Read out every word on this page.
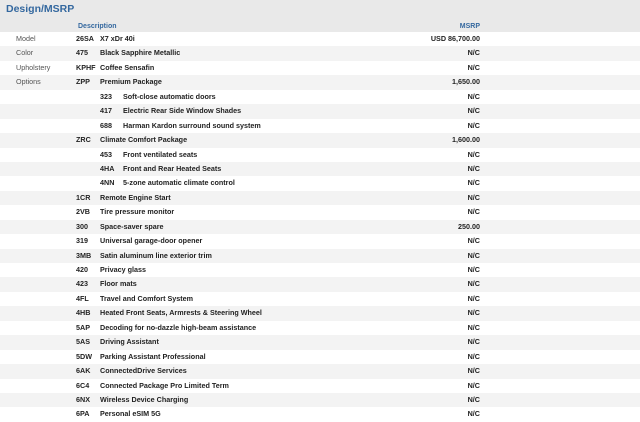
Design/MSRP
Description	MSRP
Model	26SA X7 xDr 40i	USD 86,700.00
Color	475 Black Sapphire Metallic	N/C
Upholstery	KPHF Coffee Sensafin	N/C
Options	ZPP Premium Package	1,650.00
323 Soft-close automatic doors	N/C
417 Electric Rear Side Window Shades	N/C
688 Harman Kardon surround sound system	N/C
ZRC Climate Comfort Package	1,600.00
453 Front ventilated seats	N/C
4HA Front and Rear Heated Seats	N/C
4NN 5-zone automatic climate control	N/C
1CR Remote Engine Start	N/C
2VB Tire pressure monitor	N/C
300 Space-saver spare	250.00
319 Universal garage-door opener	N/C
3MB Satin aluminum line exterior trim	N/C
420 Privacy glass	N/C
423 Floor mats	N/C
4FL Travel and Comfort System	N/C
4HB Heated Front Seats, Armrests & Steering Wheel	N/C
5AP Decoding for no-dazzle high-beam assistance	N/C
5AS Driving Assistant	N/C
5DW Parking Assistant Professional	N/C
6AK ConnectedDrive Services	N/C
6C4 Connected Package Pro Limited Term	N/C
6NX Wireless Device Charging	N/C
6PA Personal eSIM 5G	N/C
